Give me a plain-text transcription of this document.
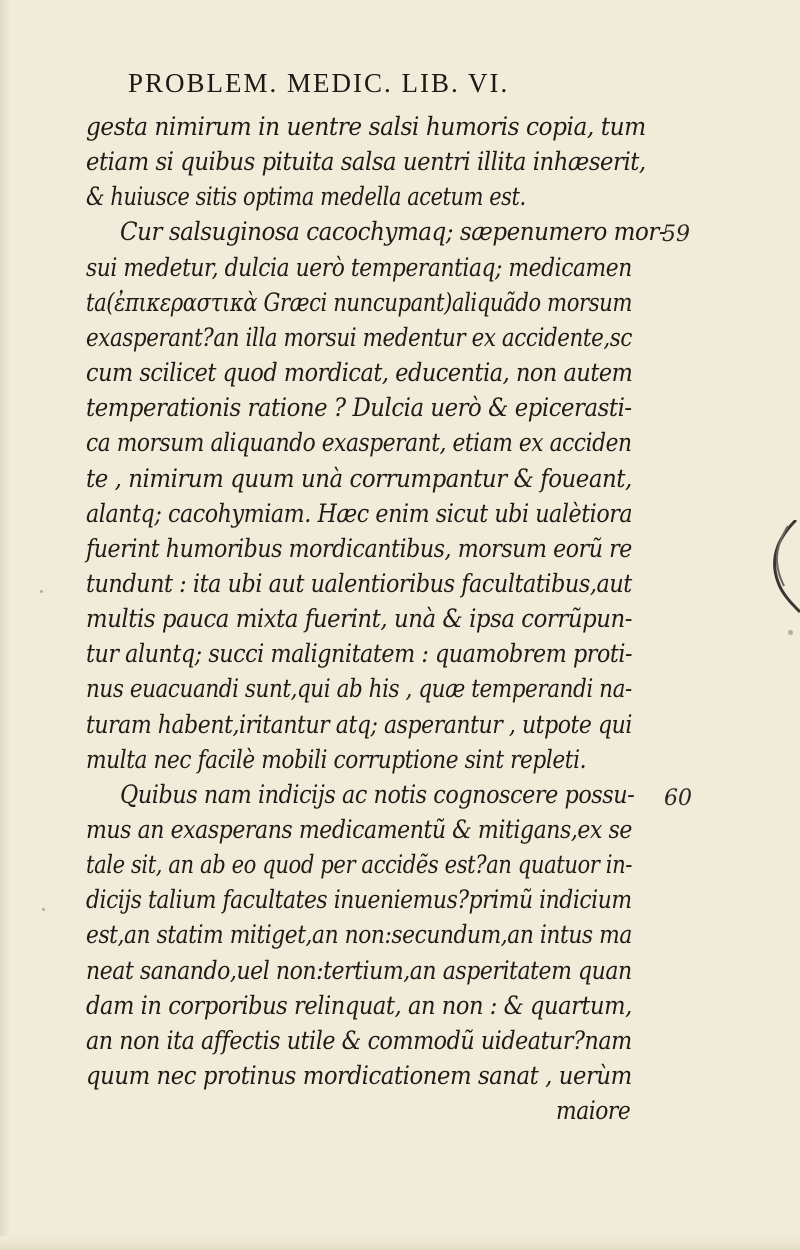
PROBLEM. MEDIC. LIB. VI.
59
60
gesta nimirum in uentre salsi humoris copia, tum
etiam si quibus pituita salsa uentri illita inhæserit,
& huiusce sitis optima medella acetum est.
Cur salsuginosa cacochymaq; sæpenumero mor-
sui medetur, dulcia uerò temperantiaq; medicamen
ta(ἐπικεραστικὰ Græci nuncupant)aliquãdo morsum
exasperant?an illa morsui medentur ex accidente,sc
cum scilicet quod mordicat, educentia, non autem
temperationis ratione ? Dulcia uerò & epicerasti-
ca morsum aliquando exasperant, etiam ex acciden
te , nimirum quum unà corrumpantur & foueant,
alantq; cacohymiam. Hæc enim sicut ubi ualètiora
fuerint humoribus mordicantibus, morsum eorũ re
tundunt : ita ubi aut ualentioribus facultatibus,aut
multis pauca mixta fuerint, unà & ipsa corrũpun-
tur aluntq; succi malignitatem : quamobrem proti-
nus euacuandi sunt,qui ab his , quæ temperandi na-
turam habent,iritantur atq; asperantur , utpote qui
multa nec facilè mobili corruptione sint repleti.
Quibus nam indicijs ac notis cognoscere possu-
mus an exasperans medicamentũ & mitigans,ex se
tale sit, an ab eo quod per accidẽs est?an quatuor in-
dicijs talium facultates inueniemus?primũ indicium
est,an statim mitiget,an non:secundum,an intus ma
neat sanando,uel non:tertium,an asperitatem quan
dam in corporibus relinquat, an non : & quartum,
an non ita affectis utile & commodũ uideatur?nam
quum nec protinus mordicationem sanat , uerùm
maiore
